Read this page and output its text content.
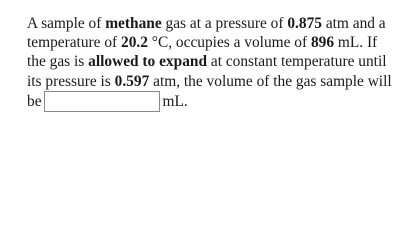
A sample of methane gas at a pressure of 0.875 atm and a
temperature of 20.2 °C, occupies a volume of 896 mL. If
the gas is allowed to expand at constant temperature until
its pressure is 0.597 atm, the volume of the gas sample will
be	mL.
